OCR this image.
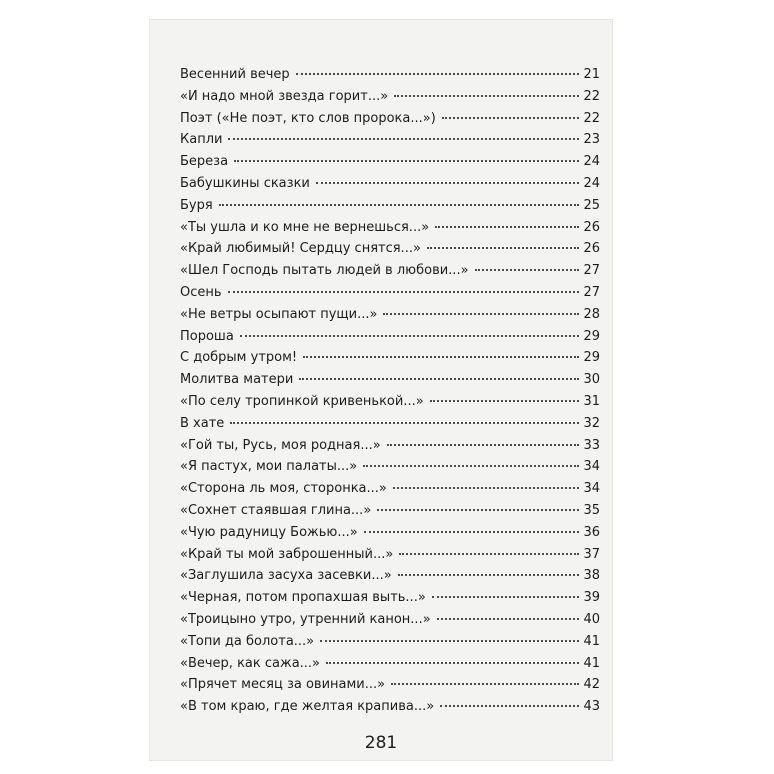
Весенний вечер	21
«И надо мной звезда горит...»	22
Поэт («Не поэт, кто слов пророка...»)	22
Капли	23
Береза	24
Бабушкины сказки	24
Буря	25
«Ты ушла и ко мне не вернешься...»	26
«Край любимый! Сердцу снятся...»	26
«Шел Господь пытать людей в любови...»	27
Осень	27
«Не ветры осыпают пущи...»	28
Пороша	29
С добрым утром!	29
Молитва матери	30
«По селу тропинкой кривенькой...»	31
В хате	32
«Гой ты, Русь, моя родная...»	33
«Я пастух, мои палаты...»	34
«Сторона ль моя, сторонка...»	34
«Сохнет стаявшая глина...»	35
«Чую радуницу Божью...»	36
«Край ты мой заброшенный...»	37
«Заглушила засуха засевки...»	38
«Черная, потом пропахшая выть...»	39
«Троицыно утро, утренний канон...»	40
«Топи да болота...»	41
«Вечер, как сажа...»	41
«Прячет месяц за овинами...»	42
«В том краю, где желтая крапива...»	43
281
